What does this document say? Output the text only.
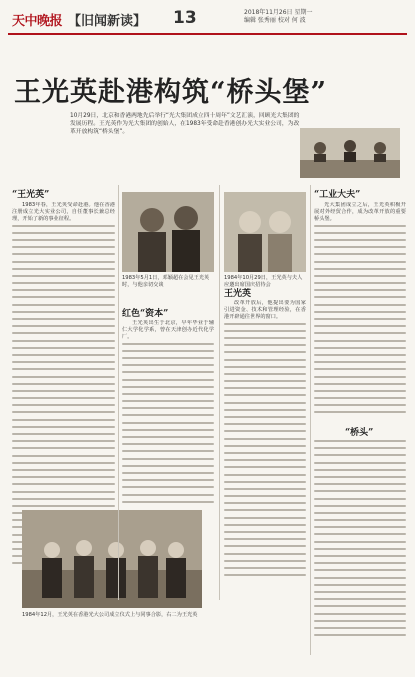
天中晚报 【旧闻新读】 13	2018年11月26日 星期一
编辑 张秀丽 校对 何 波
王光英赴港构筑“桥头堡”
10月29日，北京和香港两地先后举行“光大集团成立四十周年”文艺汇演，回顾光大集团的发展历程。王光英作为光大集团的创始人，在1983年受命赴香港创办光大实业公司，为改革开放构筑“桥头堡”。
“王光英”

1983年春，王光英受命赴港。他在香港注册成立光大实业公司，自任董事长兼总经理，开始了新的事业征程。

1983年5月1日，邓颖超在会见王光英时，与他亲切交谈
1984年10月29日，王光英与夫人应邀出席国庆招待会
红色“资本”

王光英出生于北京，早年毕业于辅仁大学化学系，曾在天津创办近代化学厂。

王光英

改革开放后，他提出要为国家引进资金、技术和管理经验，在香港开辟通往世界的窗口。

“工业大夫”

光大集团成立之后，王光英积极开展对外经贸合作，成为改革开放的重要桥头堡。

“桥头”
1984年12月，王光英在香港光大公司成立仪式上与同事合影，右二为王光英
